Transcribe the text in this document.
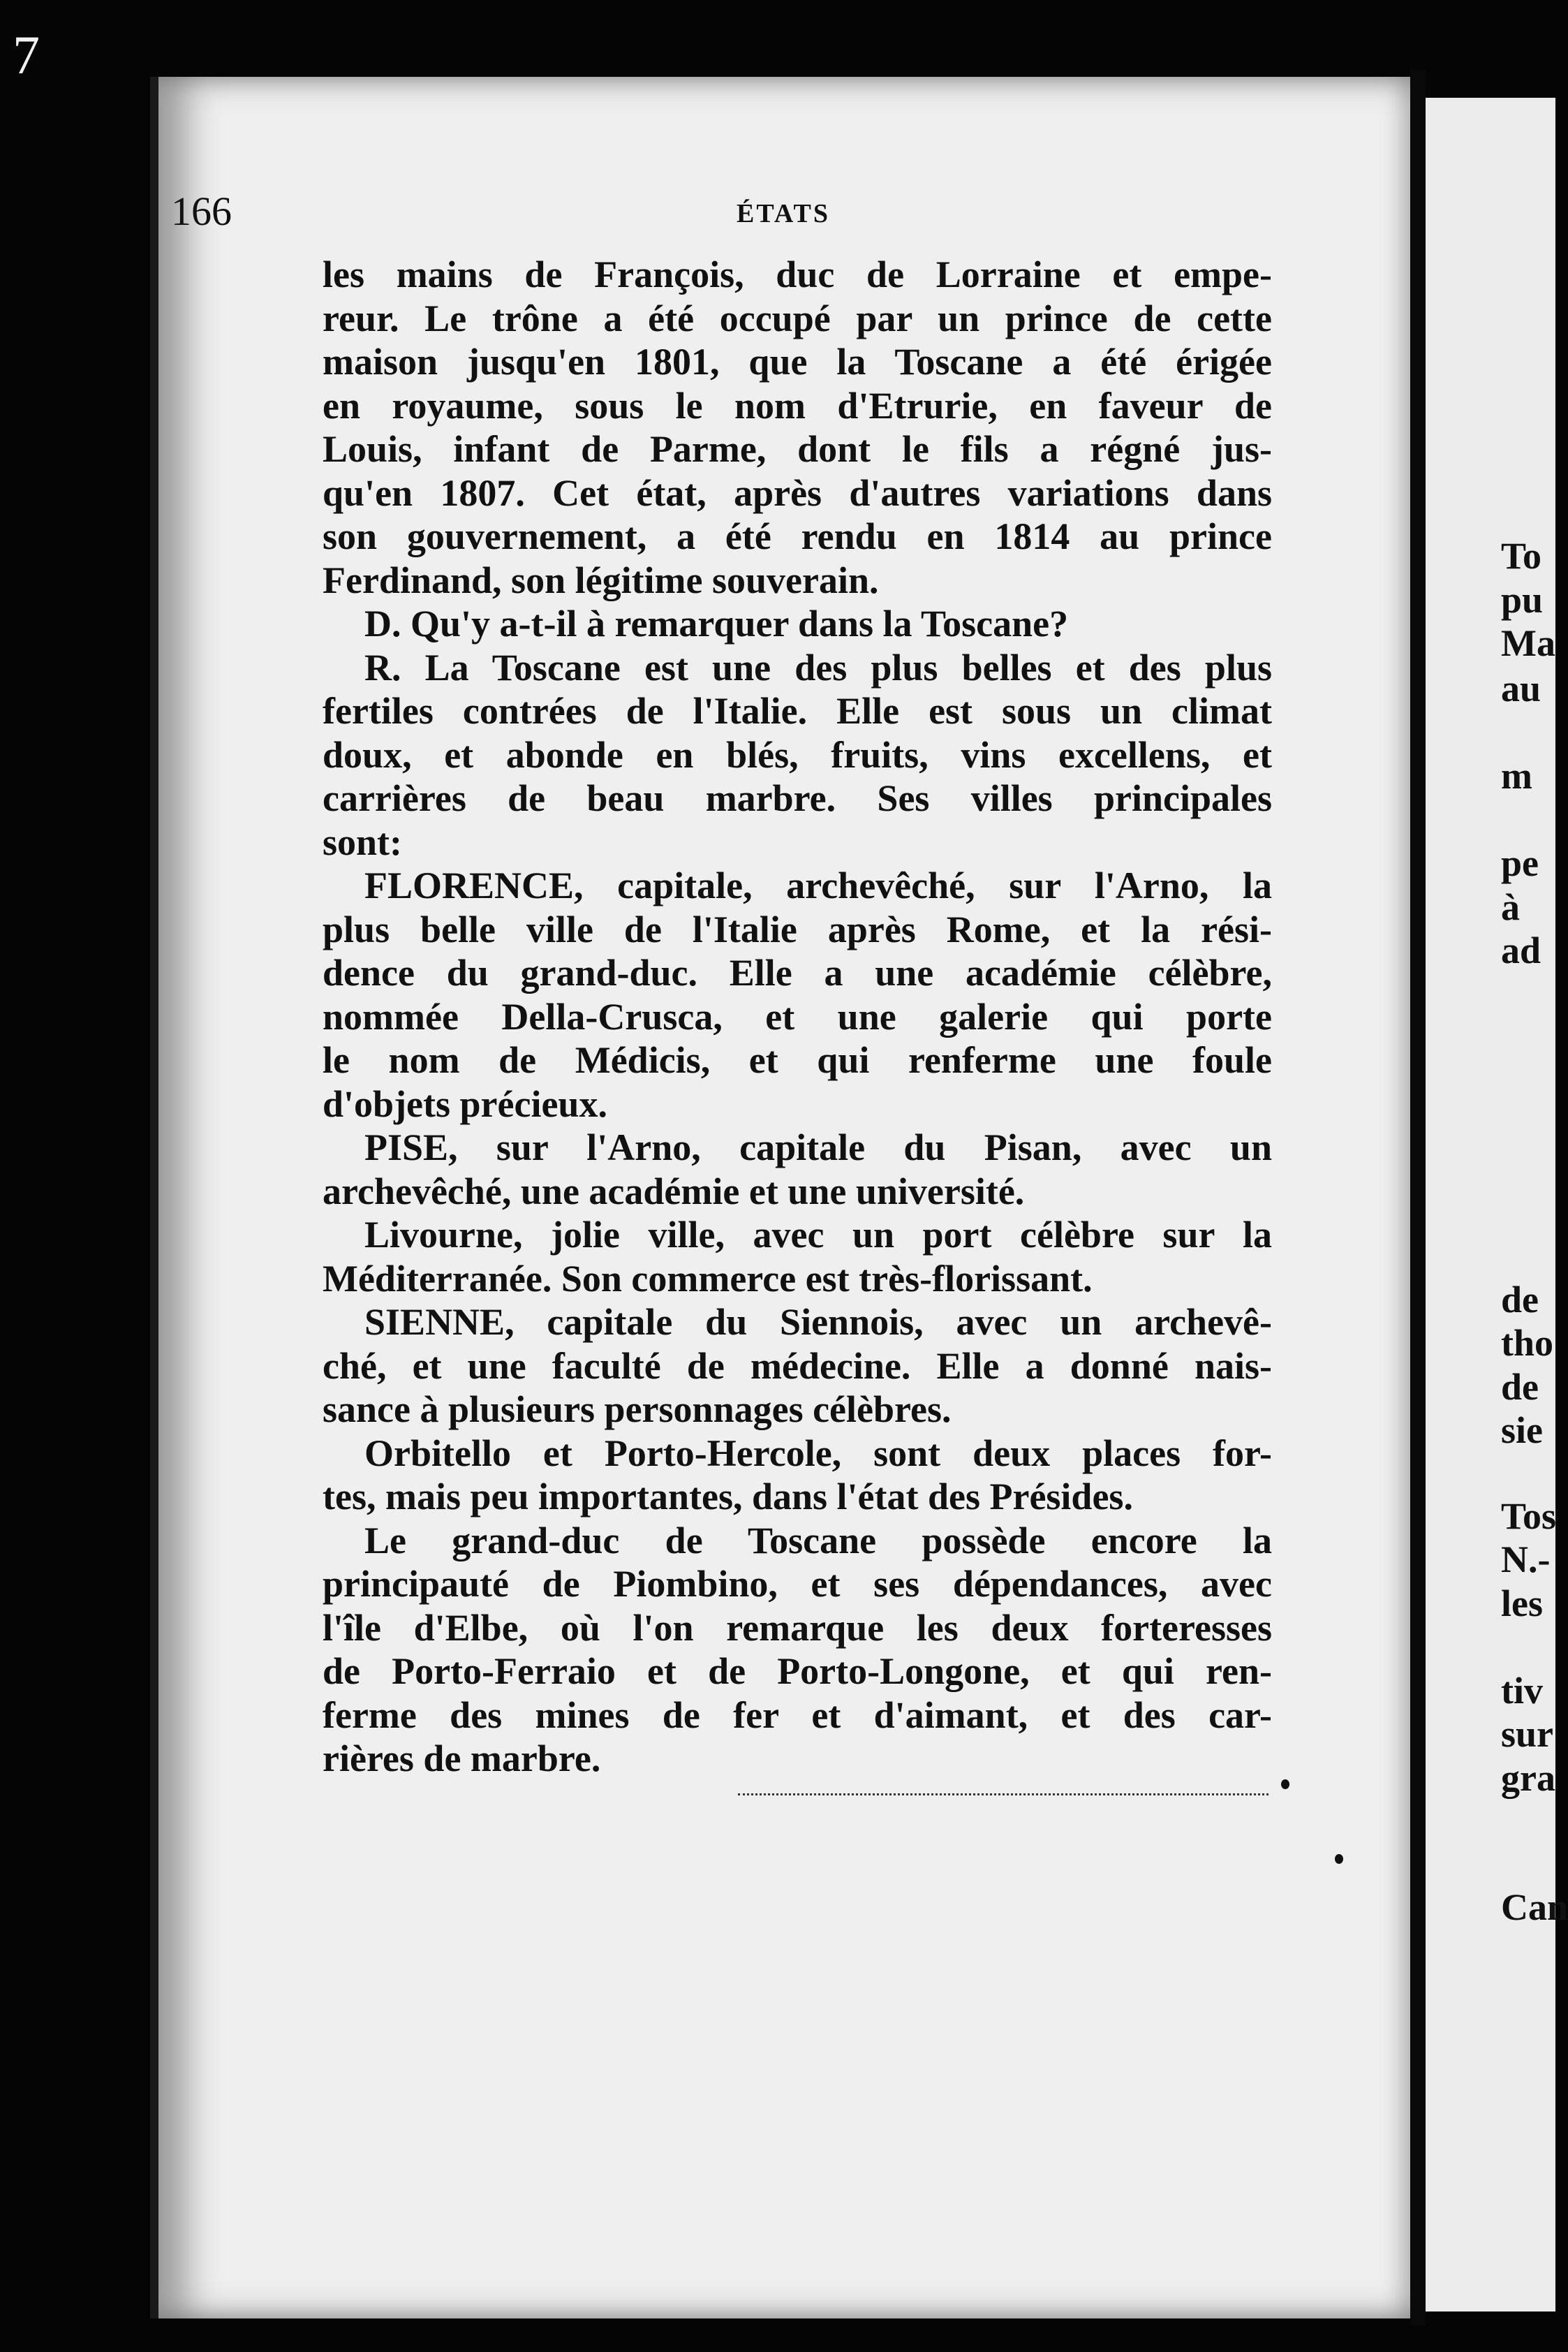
7
166	ÉTATS
les mains de François, duc de Lorraine et empe-
reur. Le trône a été occupé par un prince de cette
maison jusqu'en 1801, que la Toscane a été érigée
en royaume, sous le nom d'Etrurie, en faveur de
Louis, infant de Parme, dont le fils a régné jus-
qu'en 1807. Cet état, après d'autres variations dans
son gouvernement, a été rendu en 1814 au prince
Ferdinand, son légitime souverain.
D. Qu'y a-t-il à remarquer dans la Toscane?
R. La Toscane est une des plus belles et des plus
fertiles contrées de l'Italie. Elle est sous un climat
doux, et abonde en blés, fruits, vins excellens, et
carrières de beau marbre. Ses villes principales
sont:
FLORENCE, capitale, archevêché, sur l'Arno, la
plus belle ville de l'Italie après Rome, et la rési-
dence du grand-duc. Elle a une académie célèbre,
nommée Della-Crusca, et une galerie qui porte
le nom de Médicis, et qui renferme une foule
d'objets précieux.
PISE, sur l'Arno, capitale du Pisan, avec un
archevêché, une académie et une université.
Livourne, jolie ville, avec un port célèbre sur la
Méditerranée. Son commerce est très-florissant.
SIENNE, capitale du Siennois, avec un archevê-
ché, et une faculté de médecine. Elle a donné nais-
sance à plusieurs personnages célèbres.
Orbitello et Porto-Hercole, sont deux places for-
tes, mais peu importantes, dans l'état des Présides.
Le grand-duc de Toscane possède encore la
principauté de Piombino, et ses dépendances, avec
l'île d'Elbe, où l'on remarque les deux forteresses
de Porto-Ferraio et de Porto-Longone, et qui ren-
ferme des mines de fer et d'aimant, et des car-
rières de marbre.
To
pu
Ma
au
m
pe
à
ad
de
tho
de
sie
Tos
N.-
les
tiv
sur
gra
Can
